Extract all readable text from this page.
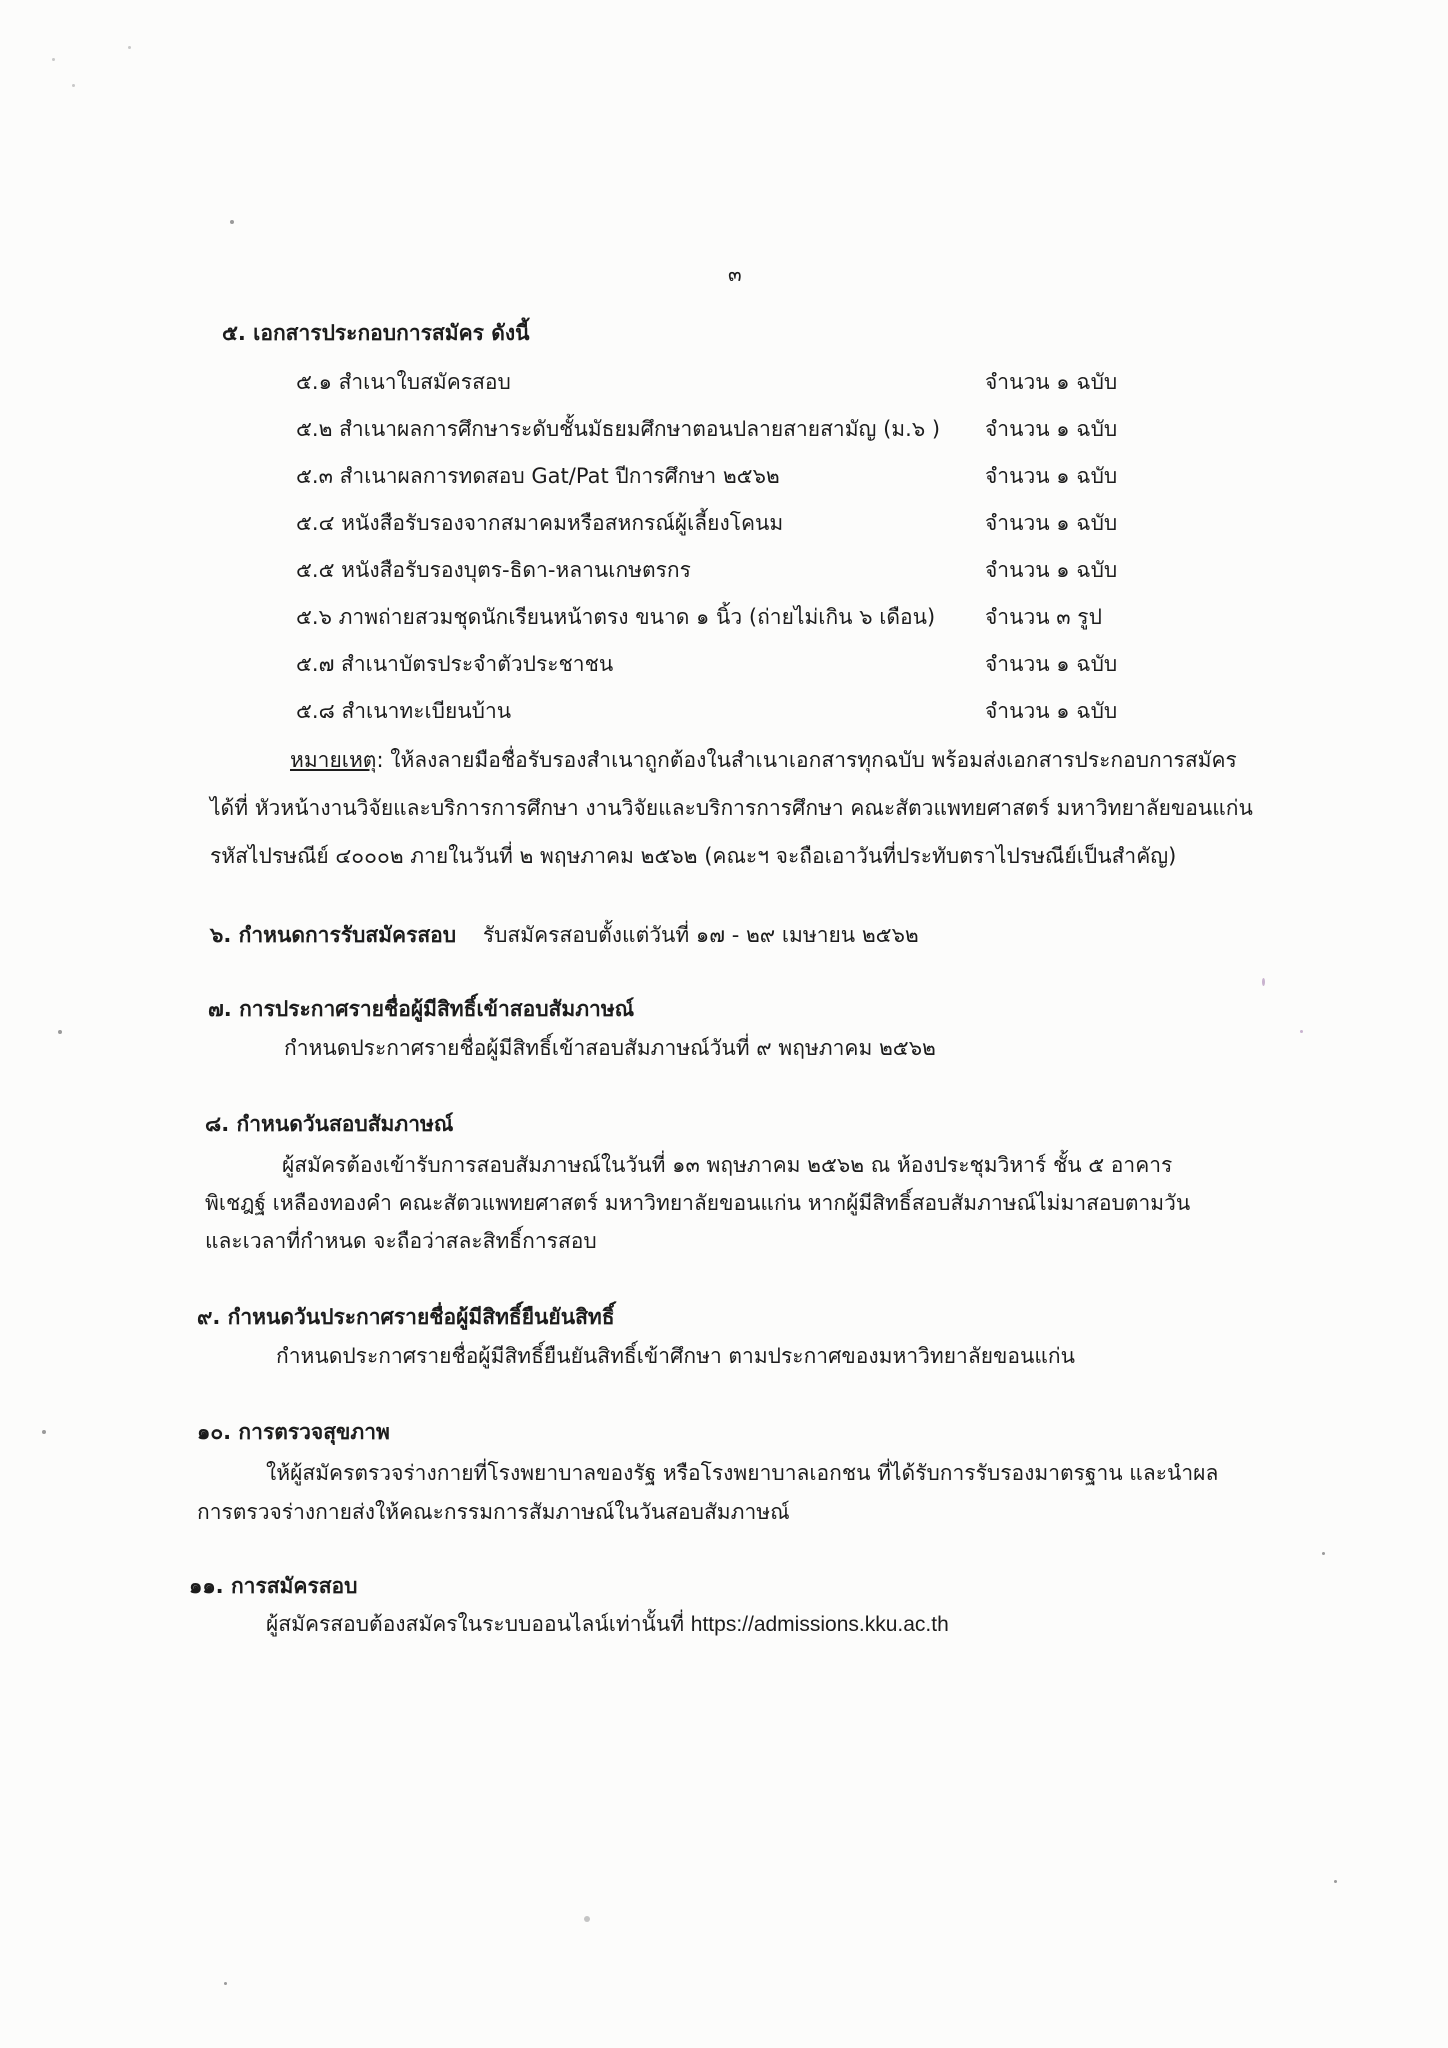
๓
๕. เอกสารประกอบการสมัคร ดังนี้
๕.๑ สำเนาใบสมัครสอบ	จำนวน ๑ ฉบับ
๕.๒ สำเนาผลการศึกษาระดับชั้นมัธยมศึกษาตอนปลายสายสามัญ (ม.๖ ) จำนวน ๑ ฉบับ
๕.๓ สำเนาผลการทดสอบ Gat/Pat ปีการศึกษา ๒๕๖๒	จำนวน ๑ ฉบับ
๕.๔ หนังสือรับรองจากสมาคมหรือสหกรณ์ผู้เลี้ยงโคนม	จำนวน ๑ ฉบับ
๕.๕ หนังสือรับรองบุตร-ธิดา-หลานเกษตรกร	จำนวน ๑ ฉบับ
๕.๖ ภาพถ่ายสวมชุดนักเรียนหน้าตรง ขนาด ๑ นิ้ว (ถ่ายไม่เกิน ๖ เดือน) จำนวน ๓ รูป
๕.๗ สำเนาบัตรประจำตัวประชาชน	จำนวน ๑ ฉบับ
๕.๘ สำเนาทะเบียนบ้าน	จำนวน ๑ ฉบับ
หมายเหตุ: ให้ลงลายมือชื่อรับรองสำเนาถูกต้องในสำเนาเอกสารทุกฉบับ พร้อมส่งเอกสารประกอบการสมัคร
ได้ที่ หัวหน้างานวิจัยและบริการการศึกษา งานวิจัยและบริการการศึกษา คณะสัตวแพทยศาสตร์ มหาวิทยาลัยขอนแก่น
รหัสไปรษณีย์ ๔๐๐๐๒ ภายในวันที่ ๒ พฤษภาคม ๒๕๖๒ (คณะฯ จะถือเอาวันที่ประทับตราไปรษณีย์เป็นสำคัญ)
๖. กำหนดการรับสมัครสอบ รับสมัครสอบตั้งแต่วันที่ ๑๗ - ๒๙ เมษายน ๒๕๖๒
๗. การประกาศรายชื่อผู้มีสิทธิ์เข้าสอบสัมภาษณ์
กำหนดประกาศรายชื่อผู้มีสิทธิ์เข้าสอบสัมภาษณ์วันที่ ๙ พฤษภาคม ๒๕๖๒
๘. กำหนดวันสอบสัมภาษณ์
ผู้สมัครต้องเข้ารับการสอบสัมภาษณ์ในวันที่ ๑๓ พฤษภาคม ๒๕๖๒ ณ ห้องประชุมวิหาร์ ชั้น ๕ อาคาร
พิเชฎฐ์ เหลืองทองคำ คณะสัตวแพทยศาสตร์ มหาวิทยาลัยขอนแก่น หากผู้มีสิทธิ์สอบสัมภาษณ์ไม่มาสอบตามวัน
และเวลาที่กำหนด จะถือว่าสละสิทธิ์การสอบ
๙. กำหนดวันประกาศรายชื่อผู้มีสิทธิ์ยืนยันสิทธิ์
กำหนดประกาศรายชื่อผู้มีสิทธิ์ยืนยันสิทธิ์เข้าศึกษา ตามประกาศของมหาวิทยาลัยขอนแก่น
๑๐. การตรวจสุขภาพ
ให้ผู้สมัครตรวจร่างกายที่โรงพยาบาลของรัฐ หรือโรงพยาบาลเอกชน ที่ได้รับการรับรองมาตรฐาน และนำผล
การตรวจร่างกายส่งให้คณะกรรมการสัมภาษณ์ในวันสอบสัมภาษณ์
๑๑. การสมัครสอบ
ผู้สมัครสอบต้องสมัครในระบบออนไลน์เท่านั้นที่ https://admissions.kku.ac.th
